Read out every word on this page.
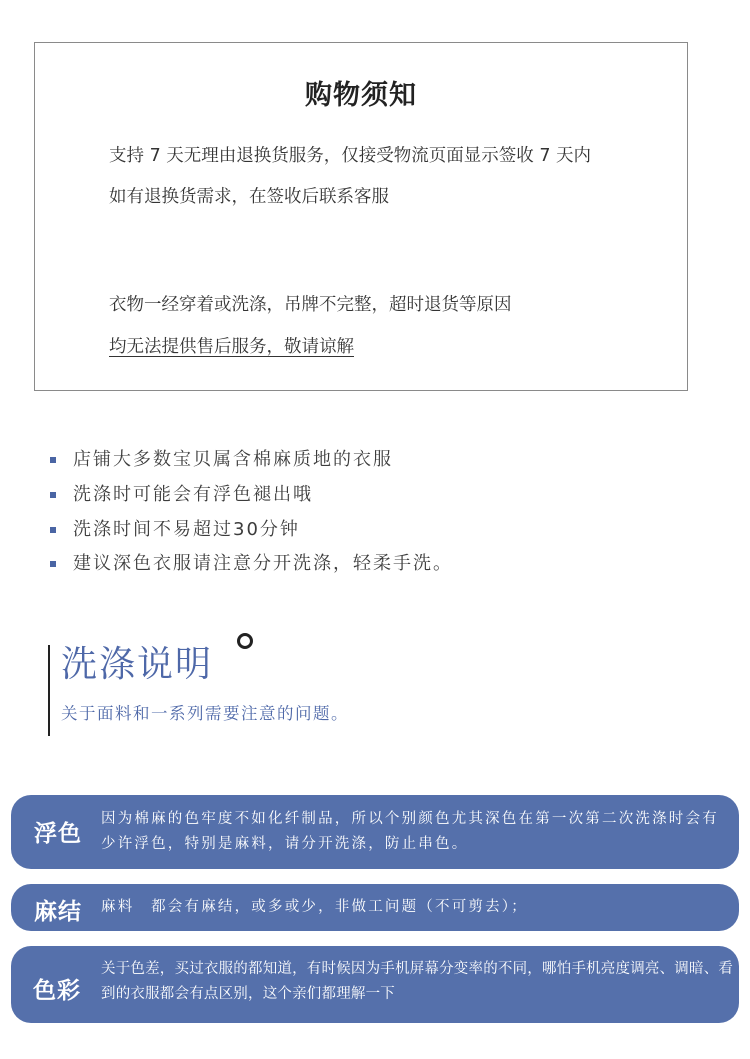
购物须知
支持 7 天无理由退换货服务，仅接受物流页面显示签收 7 天内
如有退换货需求，在签收后联系客服
衣物一经穿着或洗涤，吊牌不完整，超时退货等原因
均无法提供售后服务，敬请谅解
店铺大多数宝贝属含棉麻质地的衣服
洗涤时可能会有浮色褪出哦
洗涤时间不易超过30分钟
建议深色衣服请注意分开洗涤，轻柔手洗。
洗涤说明
关于面料和一系列需要注意的问题。
浮色
因为棉麻的色牢度不如化纤制品，所以个别颜色尤其深色在第一次第二次洗涤时会有少许浮色，特别是麻料，请分开洗涤，防止串色。
麻结 麻料　都会有麻结，或多或少，非做工问题（不可剪去）；
色彩
关于色差，买过衣服的都知道，有时候因为手机屏幕分变率的不同，哪怕手机亮度调亮、调暗、看到的衣服都会有点区别，这个亲们都理解一下
